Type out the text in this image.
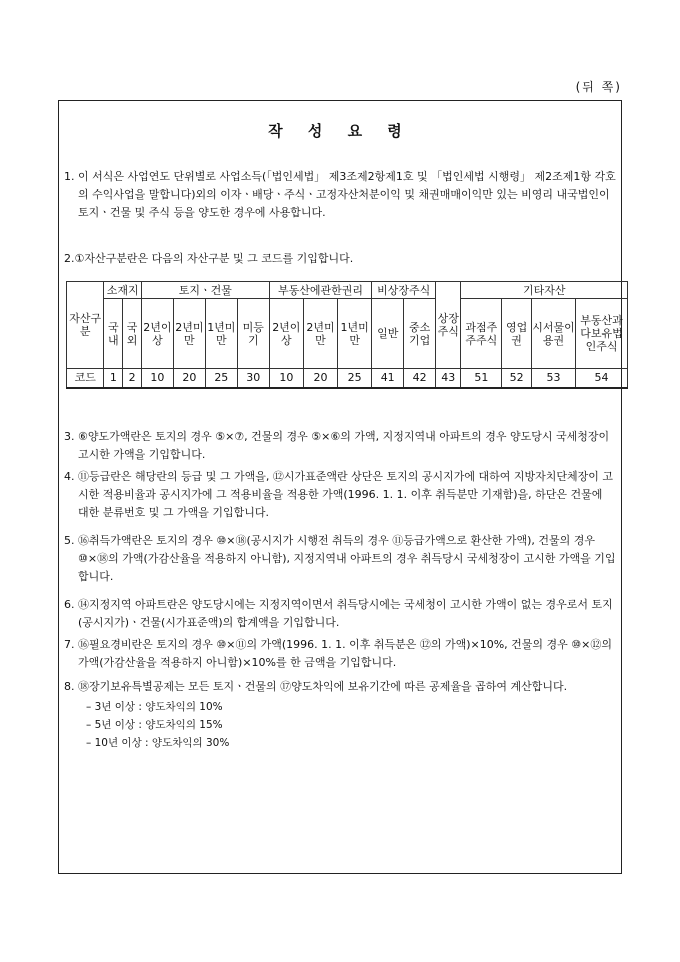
(뒤 쪽)
작 성 요 령

1. 이 서식은 사업연도 단위별로 사업소득(「법인세법」 제3조제2항제1호 및 「법인세법 시행령」 제2조제1항 각호의 수익사업을 말합니다)외의 이자ㆍ배당ㆍ주식ㆍ고정자산처분이익 및 채권매매이익만 있는 비영리 내국법인이 토지ㆍ건물 및 주식 등을 양도한 경우에 사용합니다.

2.①자산구분란은 다음의 자산구분 및 그 코드를 기입합니다.

자산구분	소재지		토지ㆍ건물				부동산에관한권리			비상장주식		상장주식	기타자산			
	국내	국외	2년이상	2년미만	1년미만	미등기	2년이상	2년미만	1년미만	일반	중소기업		과점주주주식	영업권	시서물이용권	부동산과다보유법인주식
코드	1	2	10	20	25	30	10	20	25	41	42	43	51	52	53	54

3. ⑥양도가액란은 토지의 경우 ⑤×⑦, 건물의 경우 ⑤×⑥의 가액, 지정지역내 아파트의 경우 양도당시 국세청장이 고시한 가액을 기입합니다.

4. ⑪등급란은 해당란의 등급 및 그 가액을, ⑫시가표준액란 상단은 토지의 공시지가에 대하여 지방자치단체장이 고시한 적용비율과 공시지가에 그 적용비율을 적용한 가액(1996. 1. 1. 이후 취득분만 기재함)을, 하단은 건물에 대한 분류번호 및 그 가액을 기입합니다.

5. ⑯취득가액란은 토지의 경우 ⑩×⑱(공시지가 시행전 취득의 경우 ⑪등급가액으로 환산한 가액), 건물의 경우 ⑩×⑱의 가액(가감산율을 적용하지 아니함), 지정지역내 아파트의 경우 취득당시 국세청장이 고시한 가액을 기입합니다.

6. ⑭지정지역 아파트란은 양도당시에는 지정지역이면서 취득당시에는 국세청이 고시한 가액이 없는 경우로서 토지(공시지가)ㆍ건물(시가표준액)의 합계액을 기입합니다.

7. ⑯필요경비란은 토지의 경우 ⑩×⑪의 가액(1996. 1. 1. 이후 취득분은 ⑫의 가액)×10%, 건물의 경우 ⑩×⑫의 가액(가감산율을 적용하지 아니함)×10%를 한 금액을 기입합니다.

8. ⑱장기보유특별공제는 모든 토지ㆍ건물의 ⑰양도차익에 보유기간에 따른 공제율을 곱하여 계산합니다.

– 3년 이상 : 양도차익의 10%
– 5년 이상 : 양도차익의 15%
– 10년 이상 : 양도차익의 30%
